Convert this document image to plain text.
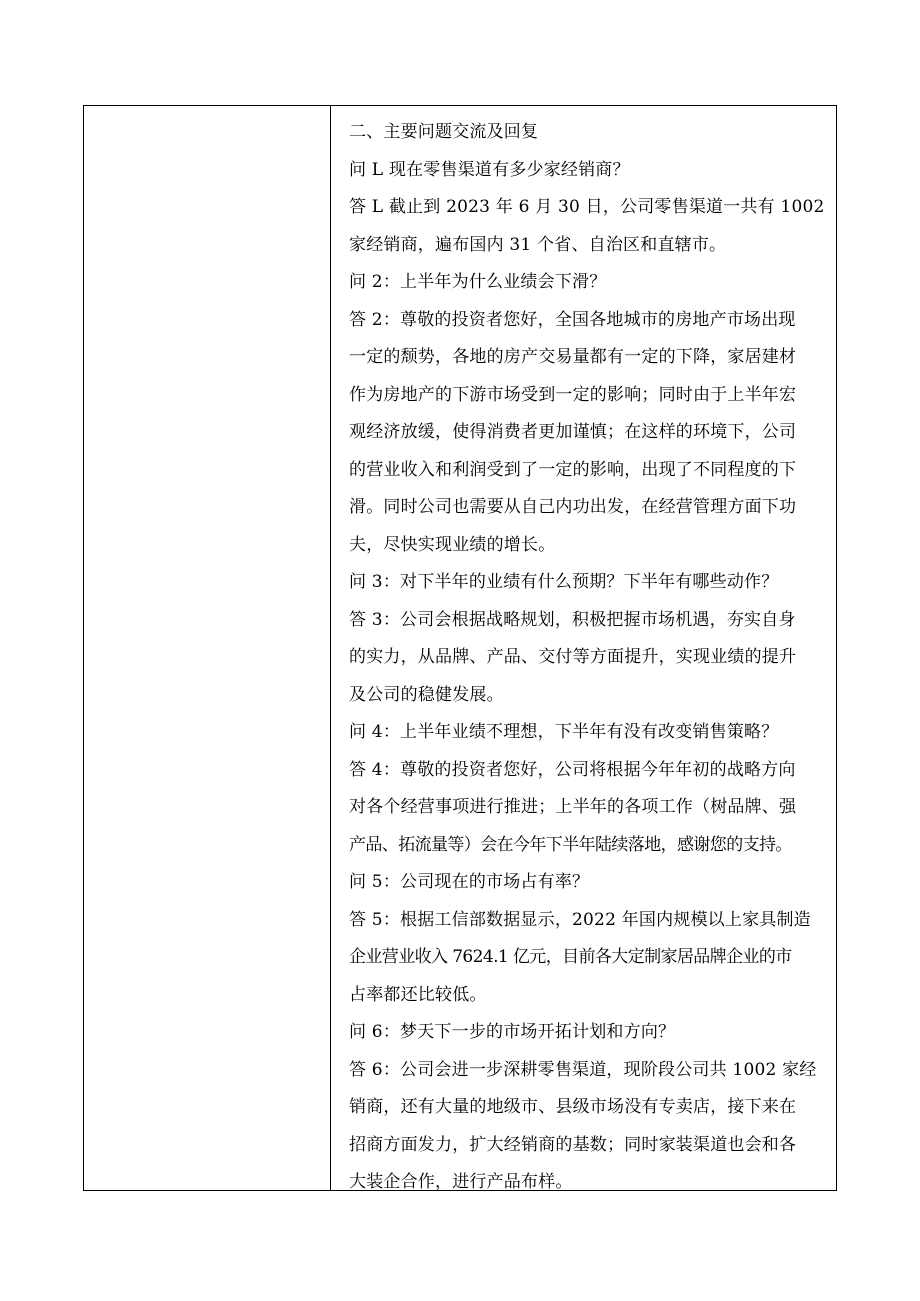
二、主要问题交流及回复
问 L 现在零售渠道有多少家经销商？
答 L 截止到 2023 年 6 月 30 日，公司零售渠道一共有 1002
家经销商，遍布国内 31 个省、自治区和直辖市。
问 2：上半年为什么业绩会下滑？
答 2：尊敬的投资者您好，全国各地城市的房地产市场出现
一定的颓势，各地的房产交易量都有一定的下降，家居建材
作为房地产的下游市场受到一定的影响；同时由于上半年宏
观经济放缓，使得消费者更加谨慎；在这样的环境下，公司
的营业收入和利润受到了一定的影响，出现了不同程度的下
滑。同时公司也需要从自己内功出发，在经营管理方面下功
夫，尽快实现业绩的增长。
问 3：对下半年的业绩有什么预期？下半年有哪些动作？
答 3：公司会根据战略规划，积极把握市场机遇，夯实自身
的实力，从品牌、产品、交付等方面提升，实现业绩的提升
及公司的稳健发展。
问 4：上半年业绩不理想，下半年有没有改变销售策略？
答 4：尊敬的投资者您好，公司将根据今年年初的战略方向
对各个经营事项进行推进；上半年的各项工作（树品牌、强
产品、拓流量等）会在今年下半年陆续落地，感谢您的支持。
问 5：公司现在的市场占有率？
答 5：根据工信部数据显示，2022 年国内规模以上家具制造
企业营业收入 7624.1 亿元，目前各大定制家居品牌企业的市
占率都还比较低。
问 6：梦天下一步的市场开拓计划和方向？
答 6：公司会进一步深耕零售渠道，现阶段公司共 1002 家经
销商，还有大量的地级市、县级市场没有专卖店，接下来在
招商方面发力，扩大经销商的基数；同时家装渠道也会和各
大装企合作，进行产品布样。
